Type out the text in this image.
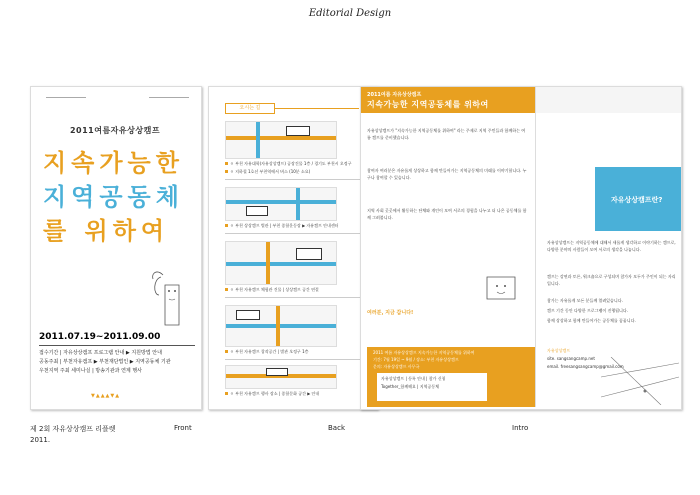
Editorial Design
2011여름자유상상캠프
지속가능한
지역공동체
를 위하여
2011.07.19~2011.09.00
접수기간 | 자유상상캠프 프로그램 안내 ▶ 지원방법 안내
공동주최 | 부천자유캠프 ▶ 부천재단법인 ▶ 지역공동체 기관
우천지역 주최 세미나실 | 방송기관과 연계 행사
▼▲▲▲▼▲
오시는 길
ㅇ 부천 자유대학(자유상상캠프) 공장건물 1층 / 경기도 부천시 오정구
ㅇ 지하철 1호선 부천역에서 버스 (10분 소요)
ㅇ 부천 상상캠프 별관 | 부천 종합운동장 ▶ 자유캠프 안내센터
ㅇ 부천 자유캠프 체험관 건물 | 상상캠프 공간 연결
ㅇ 부천 자유캠프 창작공간 | 별관 오정구 1층
ㅇ 부천 자유캠프 행사 장소 | 종합문화 공간 ▶ 안내
2011여름 자유상상캠프
지속가능한 지역공동체를 위하여
자유상상캠프가 "지속가능한 지역공동체를 위하여" 라는 주제로 지역 주민들과 함께하는 여름 캠프를 준비했습니다.
참여자 여러분은 자유롭게 상상하고 함께 만들어가는 지역공동체의 미래를 이야기합니다. 누구나 참여할 수 있습니다.
지역 사회 곳곳에서 활동하는 단체와 개인이 모여 서로의 경험을 나누고 더 나은 공동체를 함께 그려봅니다.
여러분, 지금 갑니다!
2011 여름 자유상상캠프 지속가능한 지역공동체를 위하여
기간: 7월 19일 ~ 9월 / 장소: 부천 자유상상캠프
문의: 자유상상캠프 사무국
자유상상캠프 | 등록 안내 | 참가 신청
Together_함께해요 | 지역공동체
자유상상캠프란?
자유상상캠프는 지역공동체에 대해서 새롭게 생각하고 이야기하는 캠프로, 다양한 분야의 사람들이 모여 서로의 생각을 나눕니다.
캠프는 강연과 토론, 워크숍으로 구성되며 참가자 모두가 주인이 되는 자리입니다.
참가는 자유롭게 모든 분들께 열려있습니다.
캠프 기간 동안 다양한 프로그램이 진행됩니다.
함께 상상하고 함께 만들어가는 공동체를 꿈꿉니다.
자유상상캠프
site. sangsangcamp.net
email. freesangsangcamp@gmail.com
제 2회 자유상상캠프 리플렛
2011.
Front	Back	Intro
